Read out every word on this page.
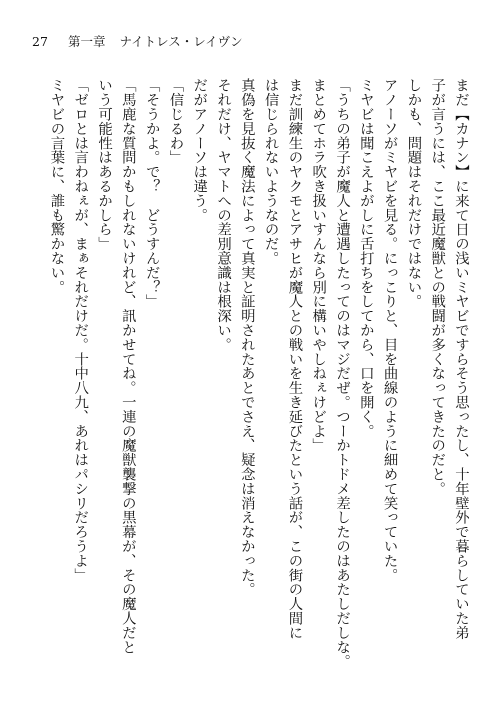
27 第一章 ナイトレス・レイヴン

まだ【カナン】に来て日の浅いミヤビですらそう思ったし、十年壁外で暮らしていた弟

子が言うには、ここ最近魔獣との戦闘が多くなってきたのだと。

しかも、問題はそれだけではない。

アノーソがミヤビを見る。にっこりと、目を曲線のように細めて笑っていた。

ミヤビは聞こえよがしに舌打ちをしてから、口を開く。

「うちの弟子が魔人と遭遇したってのはマジだぜ。つーかトドメ差したのはあたしだしな。

まとめてホラ吹き扱いすんなら別に構いやしねぇけどよ」

まだ訓練生のヤクモとアサヒが魔人との戦いを生き延びたという話が、この街の人間に

は信じられないようなのだ。

真偽を見抜く魔法によって真実と証明されたあとでさえ、疑念は消えなかった。

それだけ、ヤマトへの差別意識は根深い。

だがアノーソは違う。

「信じるわ」

「そうかよ。で？　どうすんだ？」

「馬鹿な質問かもしれないけれど、訊かせてね。一連の魔獣襲撃の黒幕が、その魔人だと

いう可能性はあるかしら」

「ゼロとは言わねぇが、まぁそれだけだ。十中八九、あれはパシリだろうよ」

ミヤビの言葉に、誰も驚かない。
